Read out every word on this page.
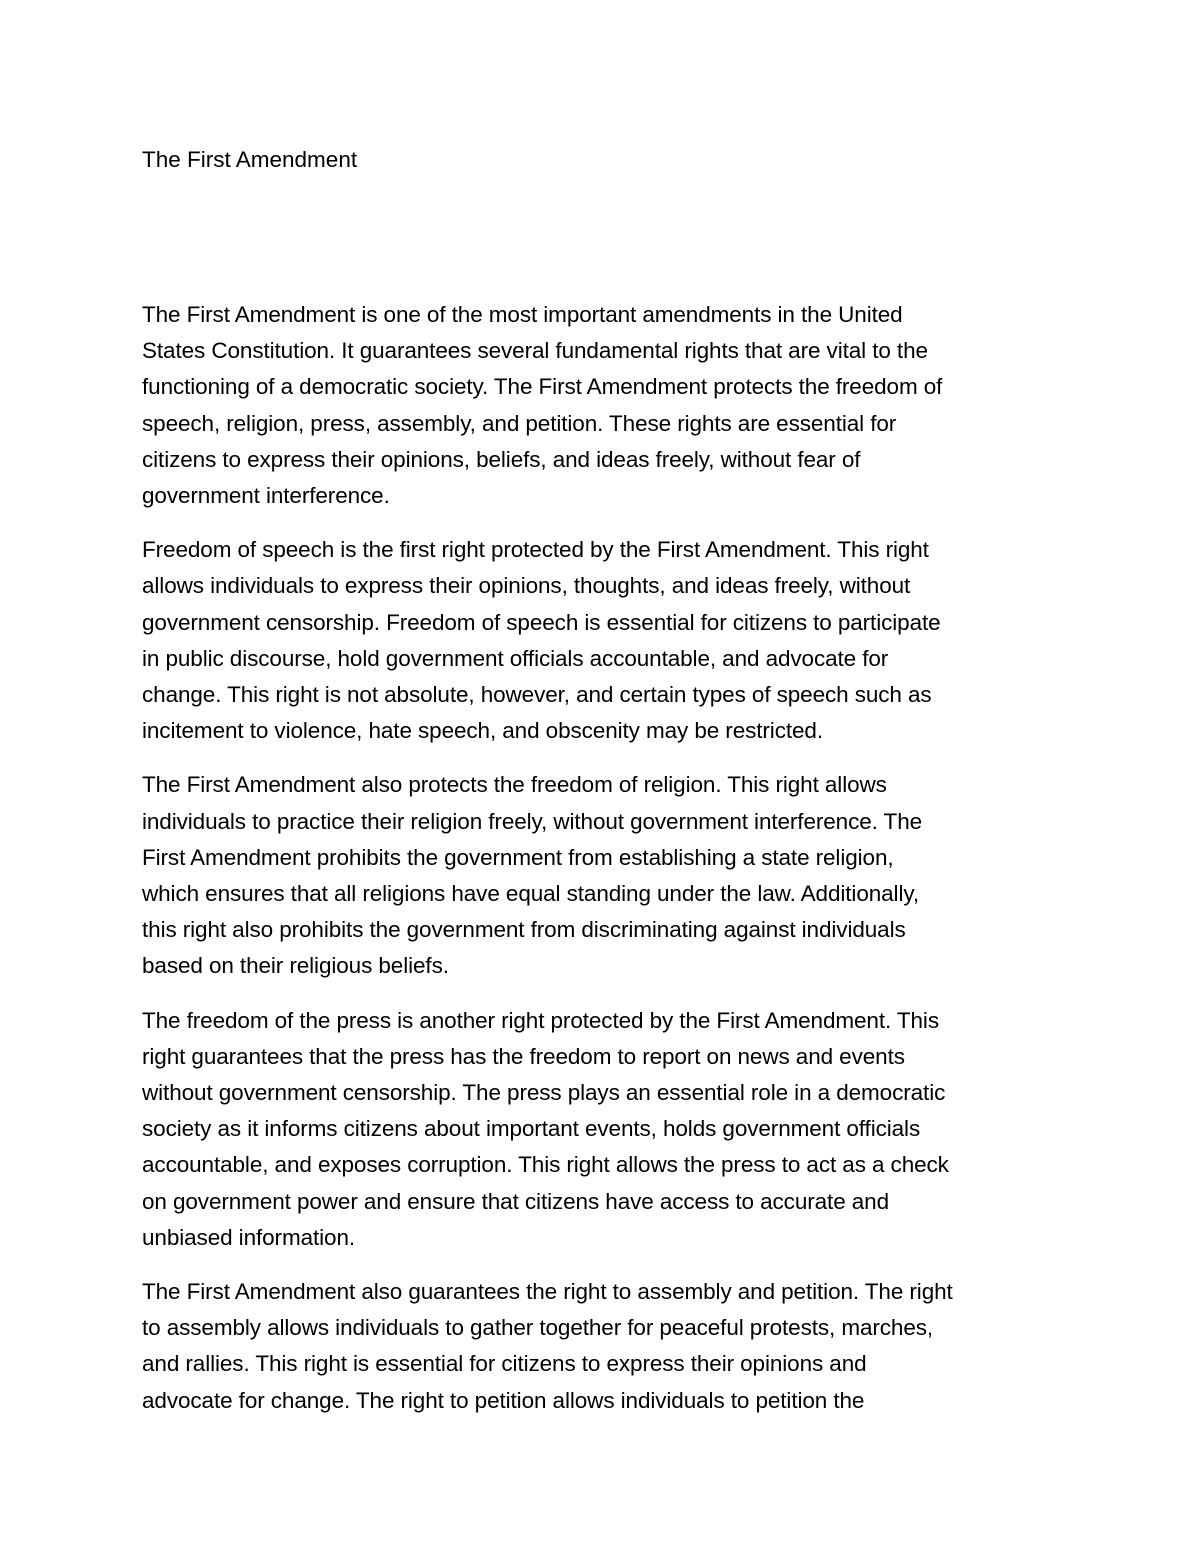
The First Amendment

The First Amendment is one of the most important amendments in the United
States Constitution. It guarantees several fundamental rights that are vital to the
functioning of a democratic society. The First Amendment protects the freedom of
speech, religion, press, assembly, and petition. These rights are essential for
citizens to express their opinions, beliefs, and ideas freely, without fear of
government interference.

Freedom of speech is the first right protected by the First Amendment. This right
allows individuals to express their opinions, thoughts, and ideas freely, without
government censorship. Freedom of speech is essential for citizens to participate
in public discourse, hold government officials accountable, and advocate for
change. This right is not absolute, however, and certain types of speech such as
incitement to violence, hate speech, and obscenity may be restricted.

The First Amendment also protects the freedom of religion. This right allows
individuals to practice their religion freely, without government interference. The
First Amendment prohibits the government from establishing a state religion,
which ensures that all religions have equal standing under the law. Additionally,
this right also prohibits the government from discriminating against individuals
based on their religious beliefs.

The freedom of the press is another right protected by the First Amendment. This
right guarantees that the press has the freedom to report on news and events
without government censorship. The press plays an essential role in a democratic
society as it informs citizens about important events, holds government officials
accountable, and exposes corruption. This right allows the press to act as a check
on government power and ensure that citizens have access to accurate and
unbiased information.

The First Amendment also guarantees the right to assembly and petition. The right
to assembly allows individuals to gather together for peaceful protests, marches,
and rallies. This right is essential for citizens to express their opinions and
advocate for change. The right to petition allows individuals to petition the
